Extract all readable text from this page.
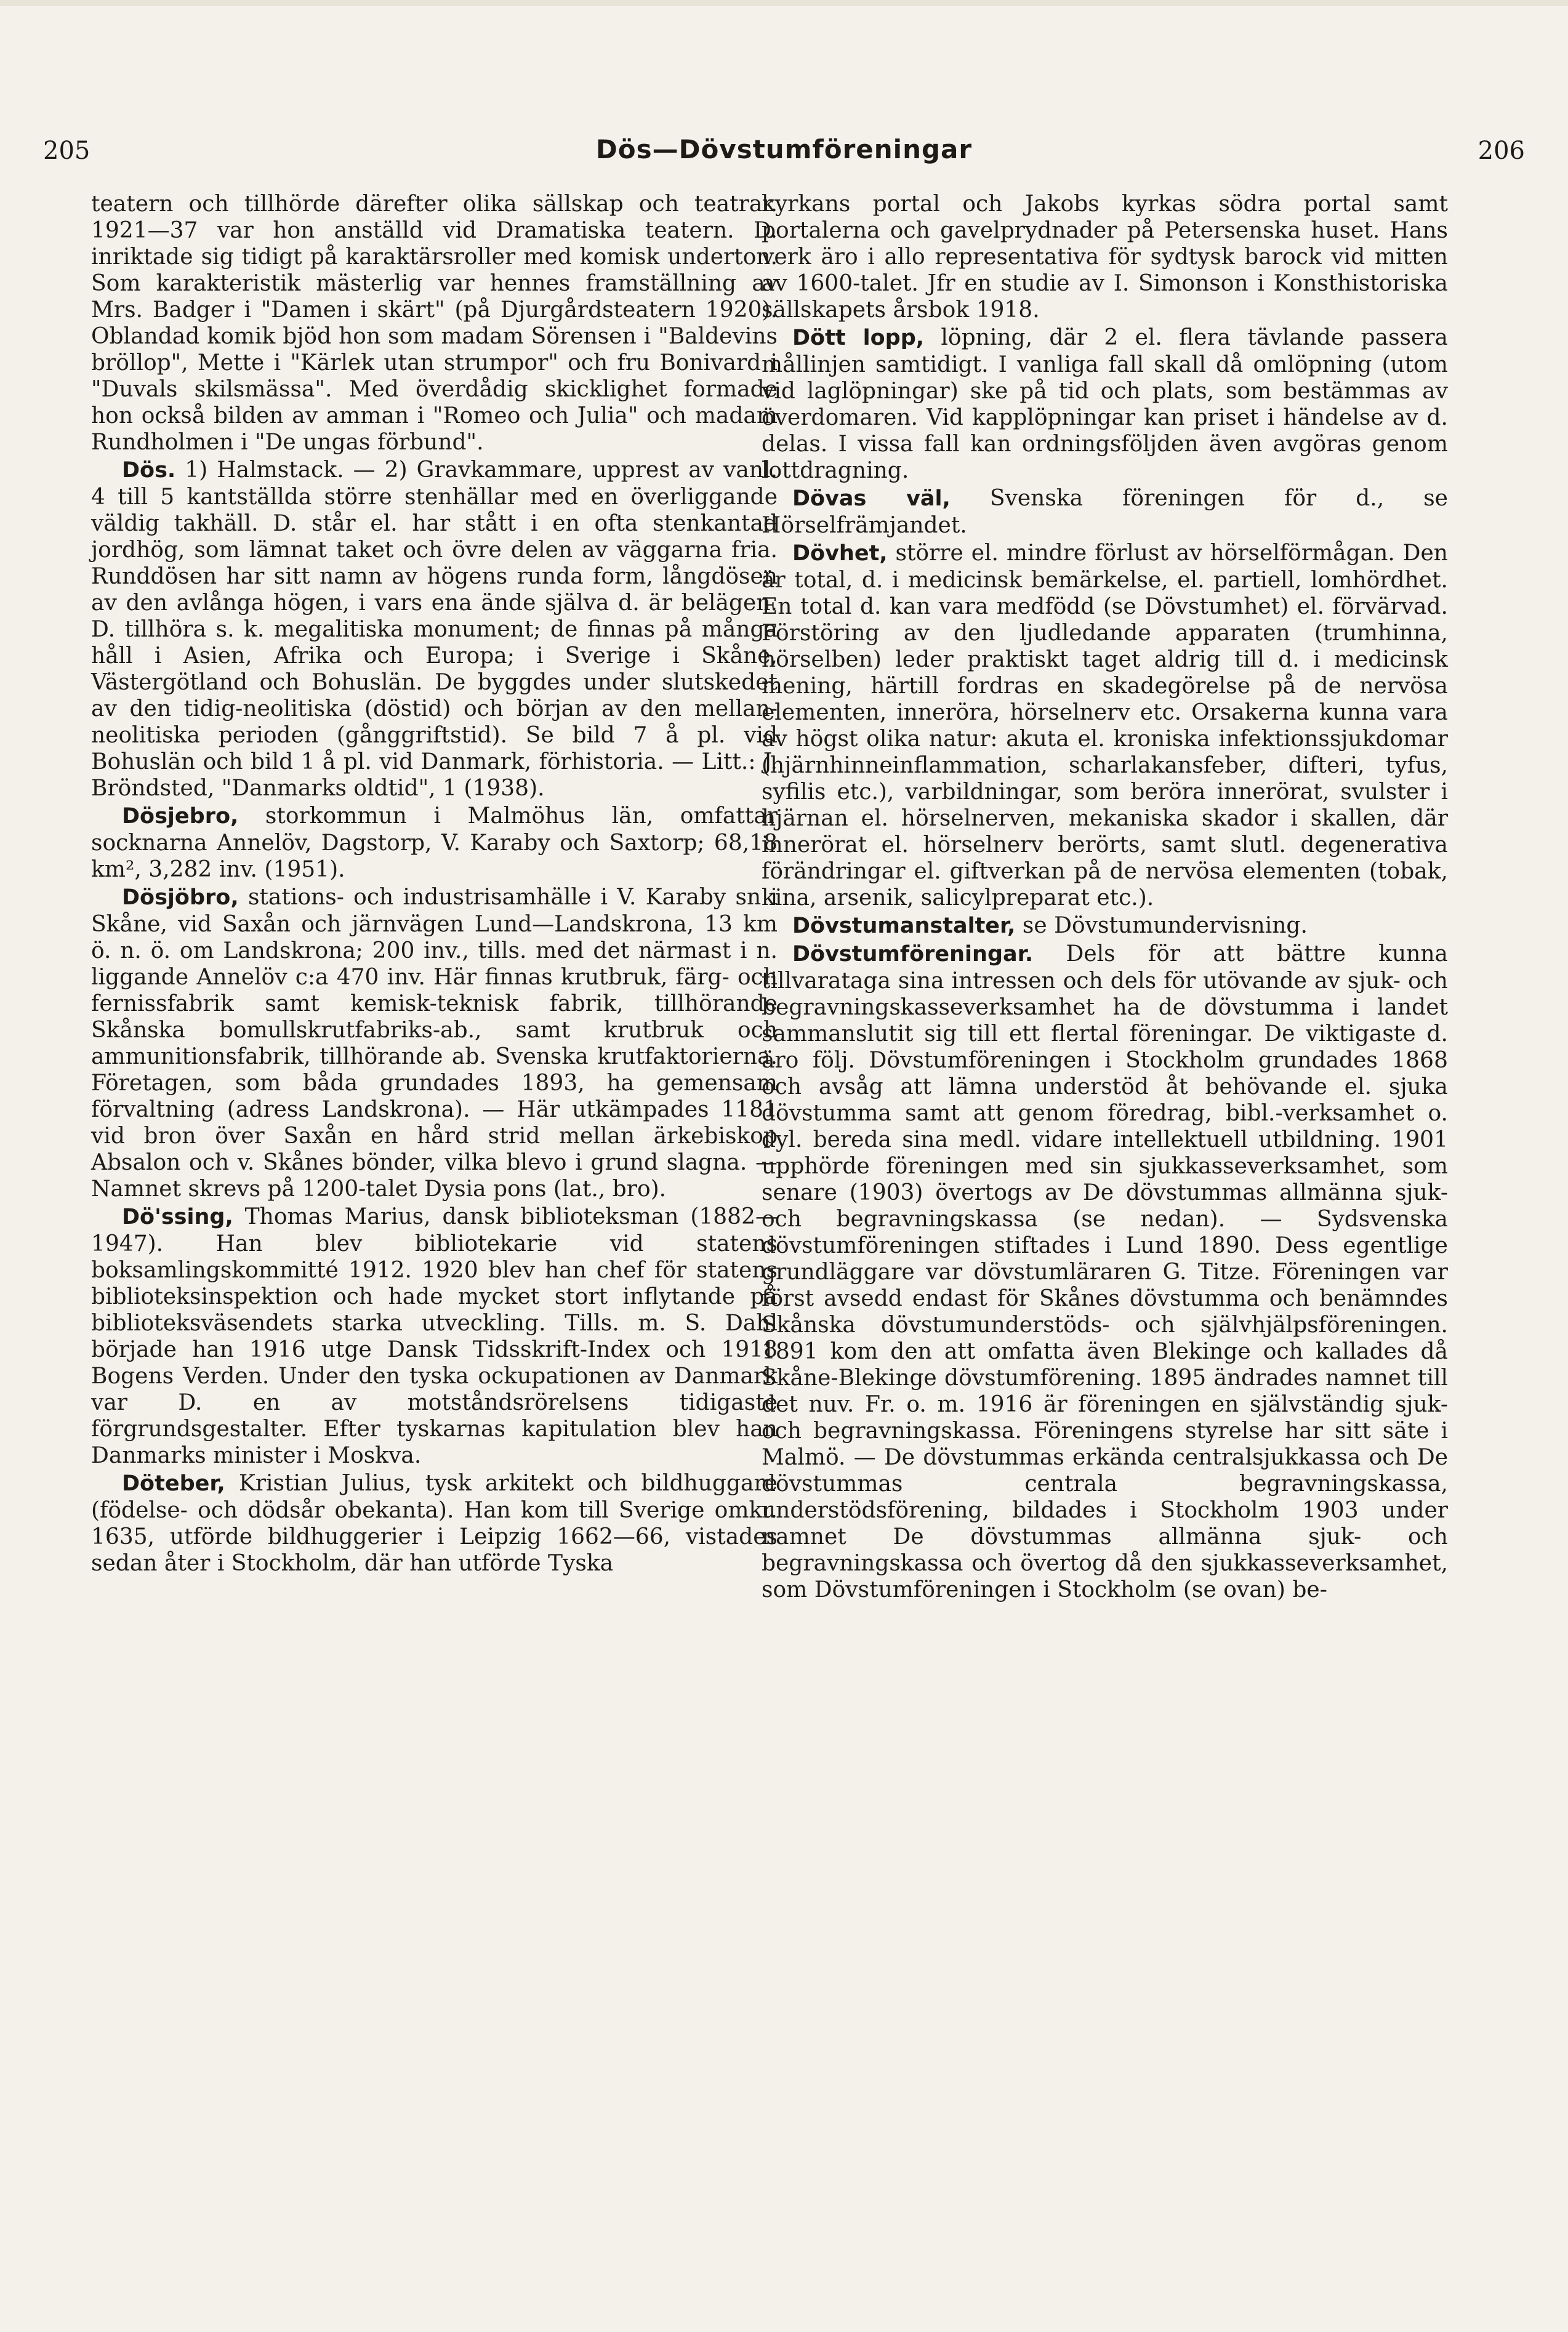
205	Dös—Dövstumföreningar	206

teatern och tillhörde därefter olika sällskap och teatrar. 1921—37 var hon anställd vid Dramatiska teatern. D. inriktade sig tidigt på karaktärsroller med komisk underton. Som karakteristik mästerlig var hennes framställning av Mrs. Badger i "Damen i skärt" (på Djurgårdsteatern 1920). Oblandad komik bjöd hon som madam Sörensen i "Baldevins bröllop", Mette i "Kärlek utan strumpor" och fru Bonivard i "Duvals skilsmässa". Med överdådig skicklighet formade hon också bilden av amman i "Romeo och Julia" och madam Rundholmen i "De ungas förbund".

Dös. 1) Halmstack. — 2) Gravkammare, upprest av vanl. 4 till 5 kantställda större stenhällar med en överliggande väldig takhäll. D. står el. har stått i en ofta stenkantad jordhög, som lämnat taket och övre delen av väggarna fria. Runddösen har sitt namn av högens runda form, långdösen av den avlånga högen, i vars ena ände själva d. är belägen. D. tillhöra s. k. megalitiska monument; de finnas på många håll i Asien, Afrika och Europa; i Sverige i Skåne, Västergötland och Bohuslän. De byggdes under slutskedet av den tidig-neolitiska (döstid) och början av den mellan-neolitiska perioden (gånggriftstid). Se bild 7 å pl. vid Bohuslän och bild 1 å pl. vid Danmark, förhistoria. — Litt.: J. Bröndsted, "Danmarks oldtid", 1 (1938).

Dösjebro, storkommun i Malmöhus län, omfattar socknarna Annelöv, Dagstorp, V. Karaby och Saxtorp; 68,18 km², 3,282 inv. (1951).

Dösjöbro, stations- och industrisamhälle i V. Karaby sn i Skåne, vid Saxån och järnvägen Lund—Landskrona, 13 km ö. n. ö. om Landskrona; 200 inv., tills. med det närmast i n. liggande Annelöv c:a 470 inv. Här finnas krutbruk, färg- och fernissfabrik samt kemisk-teknisk fabrik, tillhörande Skånska bomullskrutfabriks-ab., samt krutbruk och ammunitionsfabrik, tillhörande ab. Svenska krutfaktorierna. Företagen, som båda grundades 1893, ha gemensam förvaltning (adress Landskrona). — Här utkämpades 1181 vid bron över Saxån en hård strid mellan ärkebiskop Absalon och v. Skånes bönder, vilka blevo i grund slagna. — Namnet skrevs på 1200-talet Dysia pons (lat., bro).

Dö'ssing, Thomas Marius, dansk biblioteksman (1882—1947). Han blev bibliotekarie vid statens boksamlingskommitté 1912. 1920 blev han chef för statens biblioteksinspektion och hade mycket stort inflytande på biblioteksväsendets starka utveckling. Tills. m. S. Dahl började han 1916 utge Dansk Tidsskrift-Index och 1918 Bogens Verden. Under den tyska ockupationen av Danmark var D. en av motståndsrörelsens tidigaste förgrundsgestalter. Efter tyskarnas kapitulation blev han Danmarks minister i Moskva.

Döteber, Kristian Julius, tysk arkitekt och bildhuggare (födelse- och dödsår obekanta). Han kom till Sverige omkr. 1635, utförde bildhuggerier i Leipzig 1662—66, vistades sedan åter i Stockholm, där han utförde Tyska

kyrkans portal och Jakobs kyrkas södra portal samt portalerna och gavelprydnader på Petersenska huset. Hans verk äro i allo representativa för sydtysk barock vid mitten av 1600-talet. Jfr en studie av I. Simonson i Konsthistoriska sällskapets årsbok 1918.

Dött lopp, löpning, där 2 el. flera tävlande passera mållinjen samtidigt. I vanliga fall skall då omlöpning (utom vid laglöpningar) ske på tid och plats, som bestämmas av överdomaren. Vid kapplöpningar kan priset i händelse av d. delas. I vissa fall kan ordningsföljden även avgöras genom lottdragning.

Dövas väl, Svenska föreningen för d., se Hörselfrämjandet.

Dövhet, större el. mindre förlust av hörselförmågan. Den är total, d. i medicinsk bemärkelse, el. partiell, lomhördhet. En total d. kan vara medfödd (se Dövstumhet) el. förvärvad. Förstöring av den ljudledande apparaten (trumhinna, hörselben) leder praktiskt taget aldrig till d. i medicinsk mening, härtill fordras en skadegörelse på de nervösa elementen, inneröra, hörselnerv etc. Orsakerna kunna vara av högst olika natur: akuta el. kroniska infektionssjukdomar (hjärnhinneinflammation, scharlakansfeber, difteri, tyfus, syfilis etc.), varbildningar, som beröra innerörat, svulster i hjärnan el. hörselnerven, mekaniska skador i skallen, där innerörat el. hörselnerv berörts, samt slutl. degenerativa förändringar el. giftverkan på de nervösa elementen (tobak, kina, arsenik, salicylpreparat etc.).

Dövstumanstalter, se Dövstumundervisning.

Dövstumföreningar. Dels för att bättre kunna tillvarataga sina intressen och dels för utövande av sjuk- och begravningskasseverksamhet ha de dövstumma i landet sammanslutit sig till ett flertal föreningar. De viktigaste d. äro följ. Dövstumföreningen i Stockholm grundades 1868 och avsåg att lämna understöd åt behövande el. sjuka dövstumma samt att genom föredrag, bibl.-verksamhet o. dyl. bereda sina medl. vidare intellektuell utbildning. 1901 upphörde föreningen med sin sjukkasseverksamhet, som senare (1903) övertogs av De dövstummas allmänna sjuk- och begravningskassa (se nedan). — Sydsvenska dövstumföreningen stiftades i Lund 1890. Dess egentlige grundläggare var dövstumläraren G. Titze. Föreningen var först avsedd endast för Skånes dövstumma och benämndes Skånska dövstumunderstöds- och självhjälpsföreningen. 1891 kom den att omfatta även Blekinge och kallades då Skåne-Blekinge dövstumförening. 1895 ändrades namnet till det nuv. Fr. o. m. 1916 är föreningen en självständig sjuk- och begravningskassa. Föreningens styrelse har sitt säte i Malmö. — De dövstummas erkända centralsjukkassa och De dövstummas centrala begravningskassa, understödsförening, bildades i Stockholm 1903 under namnet De dövstummas allmänna sjuk- och begravningskassa och övertog då den sjukkasseverksamhet, som Dövstumföreningen i Stockholm (se ovan) be-
